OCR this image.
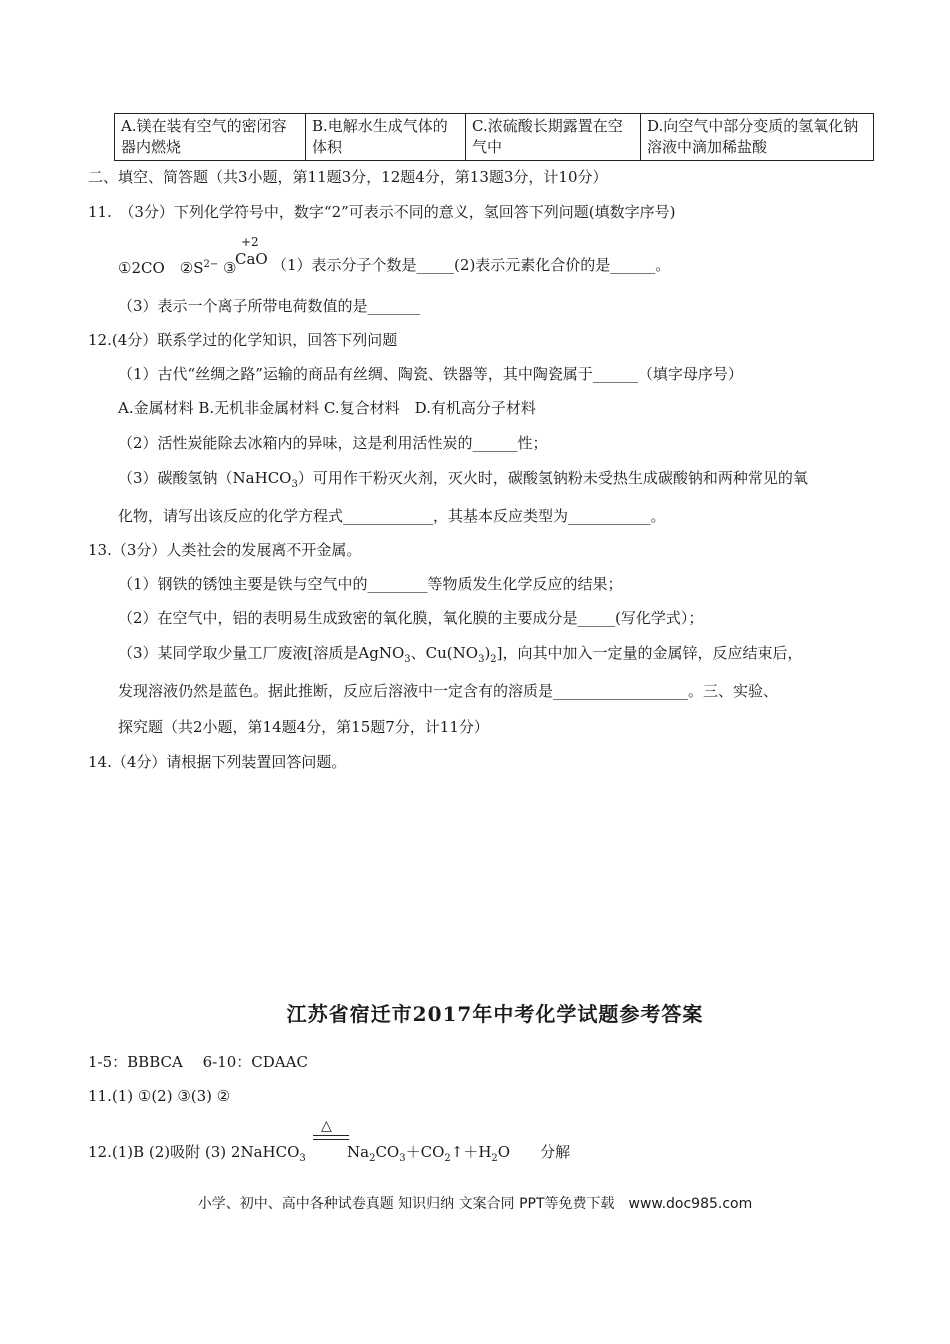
A.镁在装有空气的密闭容器内燃烧	B.电解水生成气体的体积	C.浓硫酸长期露置在空气中	D.向空气中部分变质的氢氧化钠溶液中滴加稀盐酸
二、填空、简答题（共3小题，第11题3分，12题4分，第13题3分，计10分）
11.　（3分）下列化学符号中，数字“2”可表示不同的意义，氢回答下列问题(填数字序号)
①2CO　$②S^{2-}$ ③
+2
CaO （1）表示分子个数是_____(2)表示元素化合价的是______。
（3）表示一个离子所带电荷数值的是_______
12.(4分）联系学过的化学知识，回答下列问题
（1）古代“丝绸之路”运输的商品有丝绸、陶瓷、铁器等，其中陶瓷属于______（填字母序号）
A.金属材料 B.无机非金属材料 C.复合材料　D.有机高分子材料
（2）活性炭能除去冰箱内的异味，这是利用活性炭的______性；
（3）碳酸氢钠（NaHCO$_3$）可用作干粉灭火剂，灭火时，碳酸氢钠粉未受热生成碳酸钠和两种常见的氧
化物，请写出该反应的化学方程式____________，其基本反应类型为___________。
13.（3分）人类社会的发展离不开金属。
（1）钢铁的锈蚀主要是铁与空气中的________等物质发生化学反应的结果；
（2）在空气中，铝的表明易生成致密的氧化膜，氧化膜的主要成分是_____(写化学式）；
（3）某同学取少量工厂废液[溶质是AgNO$_3$、$Cu(NO_3)_2$]，向其中加入一定量的金属锌，反应结束后，
发现溶液仍然是蓝色。据此推断，反应后溶液中一定含有的溶质是__________________。三、实验、
探究题（共2小题，第14题4分，第15题7分，计11分）
14.（4分）请根据下列装置回答问题。
江苏省宿迁市2017年中考化学试题参考答案
1-5：BBBCA　 6-10：CDAAC
11.(1) ①(2) ③(3) ②
12.(1)B (2)吸附 (3) 2NaHCO$_3$
△
$Na_2CO_3+CO_2↑+H_2O$　　分解
小学、初中、高中各种试卷真题 知识归纳 文案合同 PPT等免费下载　www.doc985.com
